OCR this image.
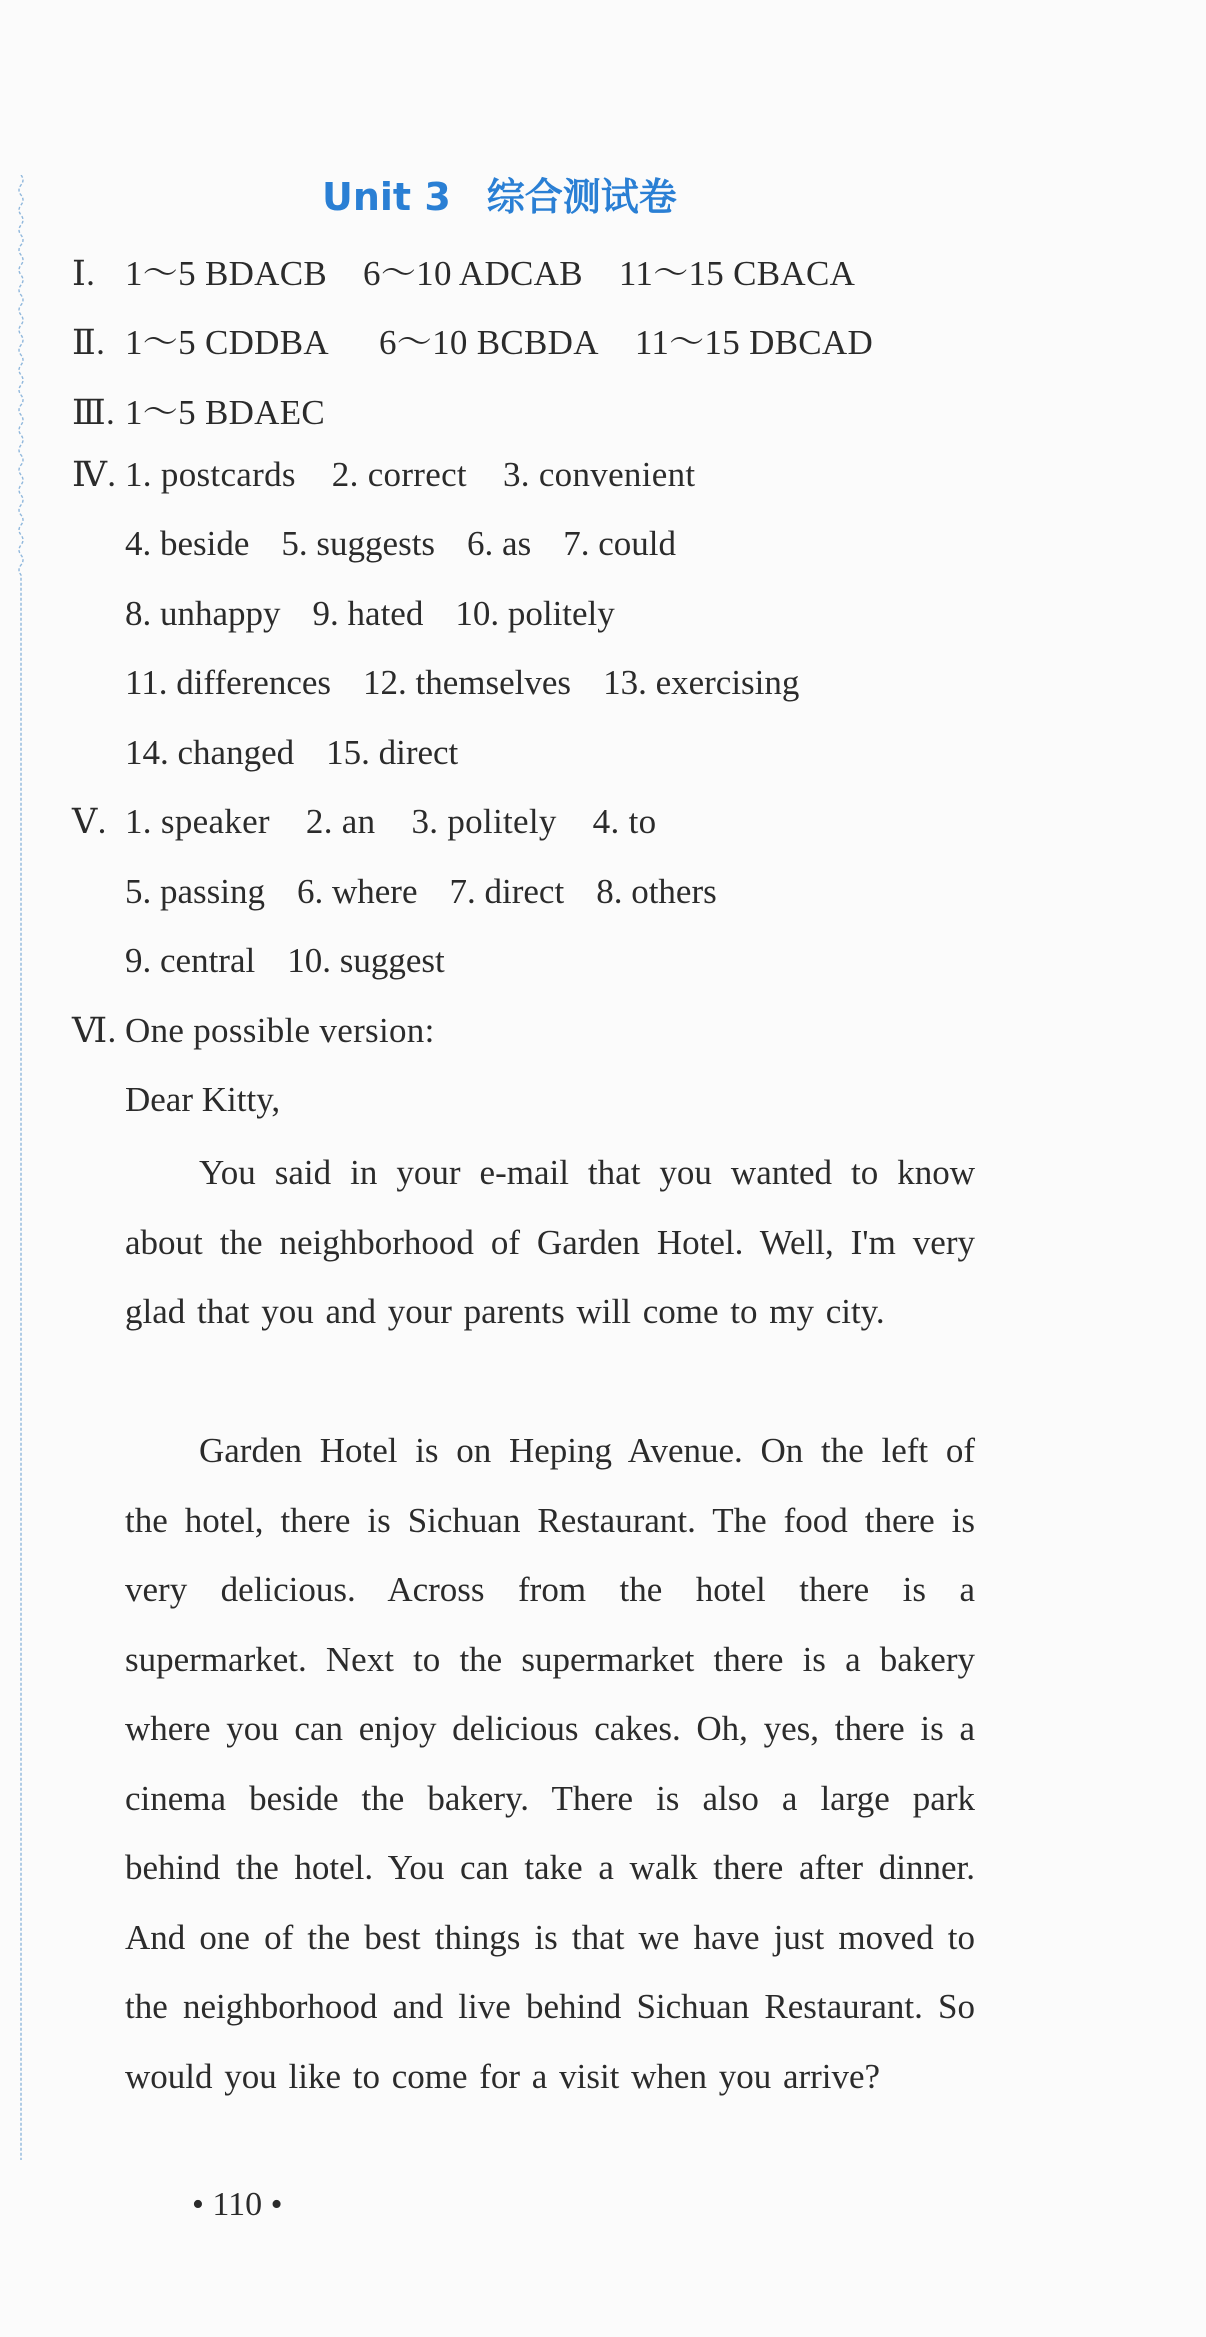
Unit 3 综合测试卷
Ⅰ. 1～5 BDACB 6～10 ADCAB 11～15 CBACA
Ⅱ. 1～5 CDDBA 6～10 BCBDA 11～15 DBCAD
Ⅲ. 1～5 BDAEC
Ⅳ. 1. postcards 2. correct 3. convenient
4. beside 5. suggests 6. as 7. could
8. unhappy 9. hated 10. politely
11. differences 12. themselves 13. exercising
14. changed 15. direct
Ⅴ. 1. speaker 2. an 3. politely 4. to
5. passing 6. where 7. direct 8. others
9. central 10. suggest
Ⅵ. One possible version:
Dear Kitty,
You said in your e-mail that you wanted to know about the neighborhood of Garden Hotel. Well, I'm very glad that you and your parents will come to my city.
Garden Hotel is on Heping Avenue. On the left of the hotel, there is Sichuan Restaurant. The food there is very delicious. Across from the hotel there is a supermarket. Next to the supermarket there is a bakery where you can enjoy delicious cakes. Oh, yes, there is a cinema beside the bakery. There is also a large park behind the hotel. You can take a walk there after dinner. And one of the best things is that we have just moved to the neighborhood and live behind Sichuan Restaurant. So would you like to come for a visit when you arrive?
• 110 •
